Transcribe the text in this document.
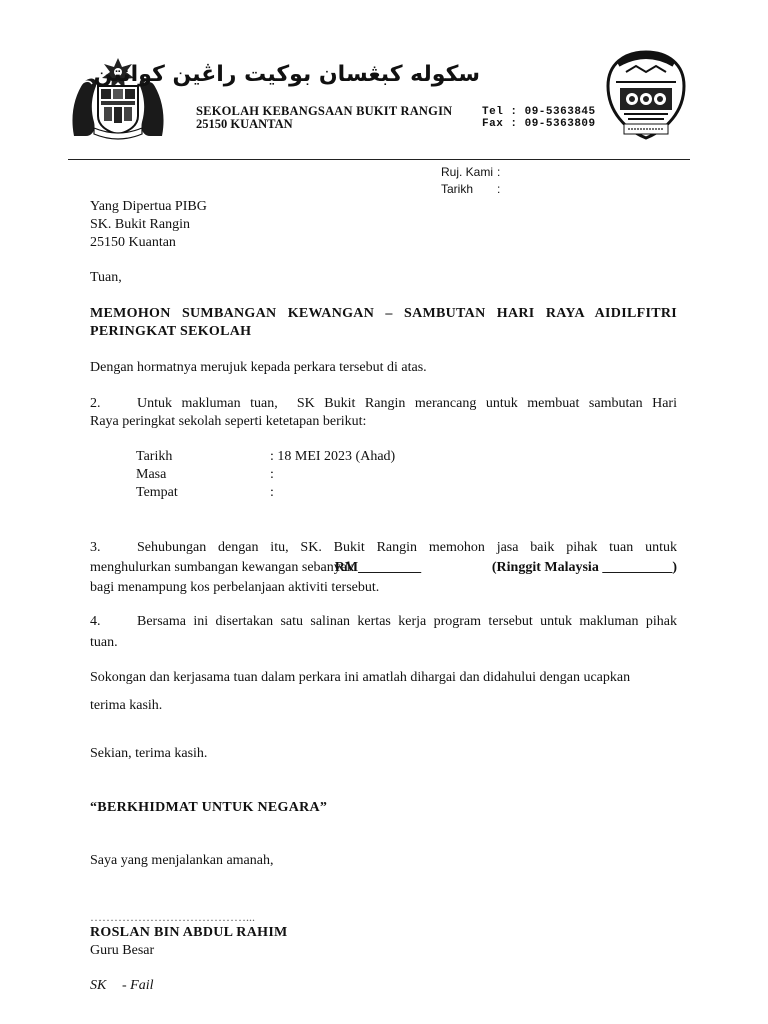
سکوله کبڠسا‌ن بوکيت راڠين کوانتن
SEKOLAH KEBANGSAAN BUKIT RANGIN
25150 KUANTAN
Tel : 09-5363845
Fax : 09-5363809
Ruj. Kami :
Tarikh :
Yang Dipertua PIBG
SK. Bukit Rangin
25150 Kuantan
Tuan,
MEMOHON SUMBANGAN KEWANGAN – SAMBUTAN HARI RAYA AIDILFITRI
PERINGKAT SEKOLAH
Dengan hormatnya merujuk kepada perkara tersebut di atas.
2.	Untuk makluman tuan,  SK Bukit Rangin merancang untuk membuat sambutan Hari
Raya peringkat sekolah seperti ketetapan berikut:
Tarikh	: 18 MEI 2023 (Ahad)
Masa	:
Tempat	:
3.	Sehubungan dengan itu, SK. Bukit Rangin memohon jasa baik pihak tuan untuk
menghulurkan sumbangan kewangan sebanyak
RM_________	(Ringgit Malaysia __________)
bagi menampung kos perbelanjaan aktiviti tersebut.
4.	Bersama ini disertakan satu salinan kertas kerja program tersebut untuk makluman pihak
tuan.
Sokongan dan kerjasama tuan dalam perkara ini amatlah dihargai dan didahului dengan ucapkan
terima kasih.
Sekian, terima kasih.
“BERKHIDMAT UNTUK NEGARA”
Saya yang menjalankan amanah,
…………………………………...
ROSLAN BIN ABDUL RAHIM
Guru Besar
SK - Fail
